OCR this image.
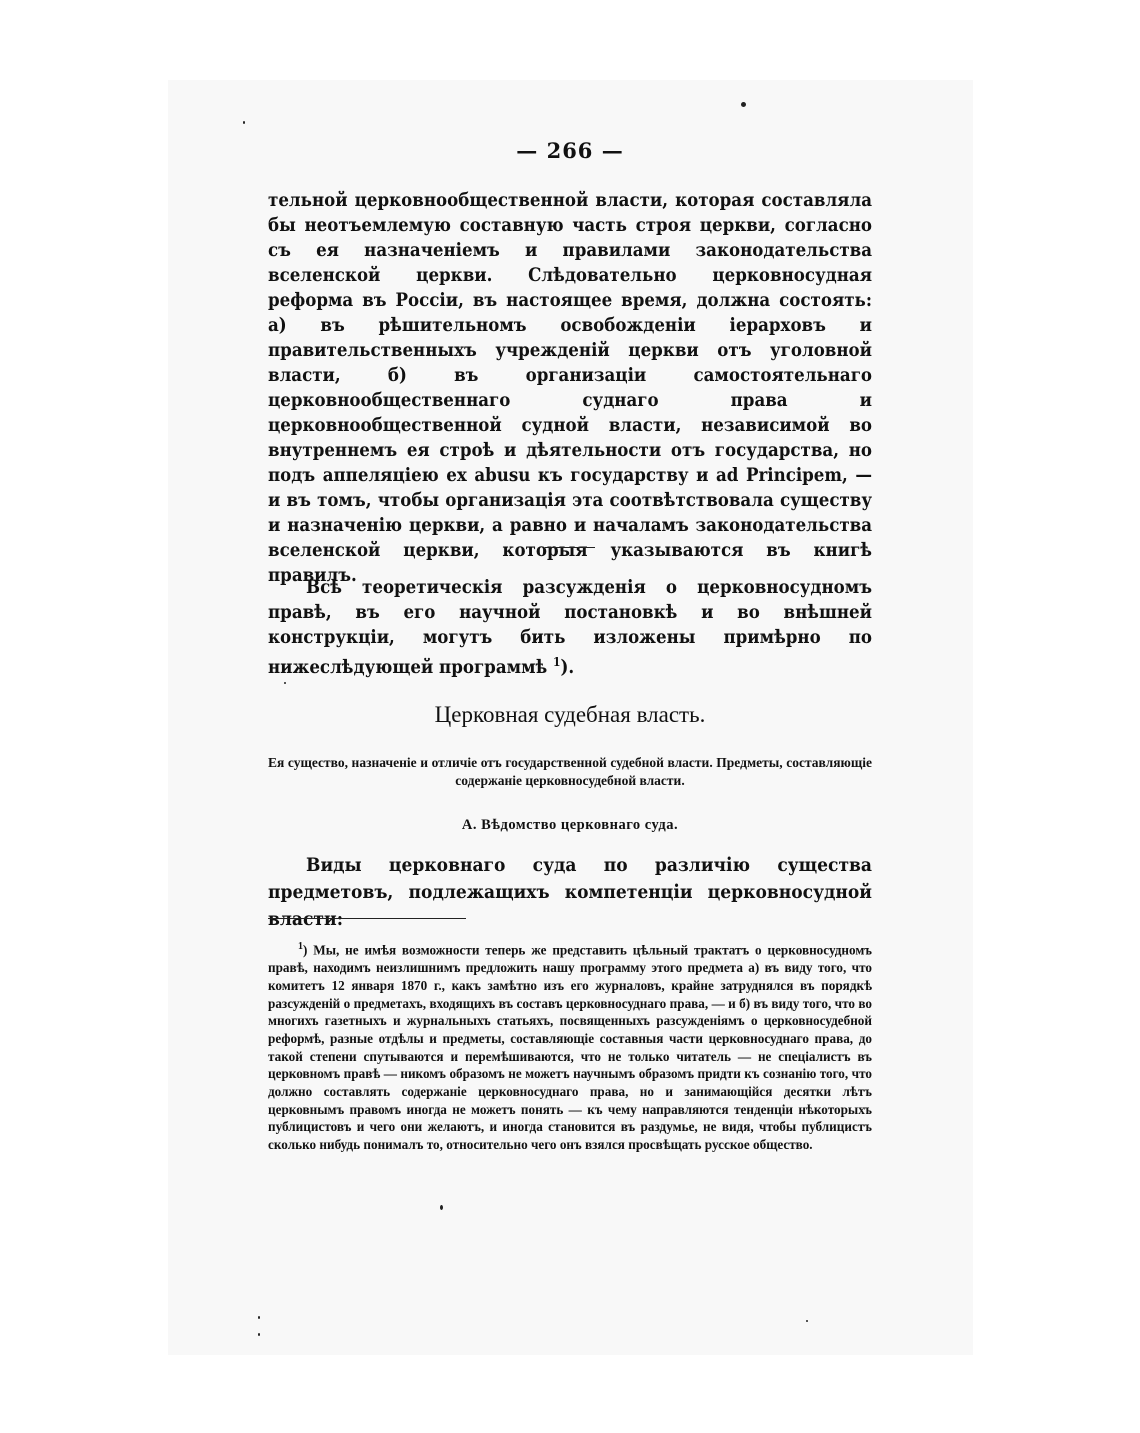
— 266 —
тельной церковнообщественной власти, которая составляла бы неотъемлемую составную часть строя церкви, согласно съ ея назначеніемъ и правилами законодательства вселенской церкви. Слѣдовательно церковносудная реформа въ Россіи, въ настоящее время, должна состоять: а) въ рѣшительномъ освобожденіи іерарховъ и правительственныхъ учрежденій церкви отъ уголовной власти, б) въ организаціи самостоятельнаго церковнообщественнаго суднаго права и церковнообщественной судной власти, независимой во внутреннемъ ея строѣ и дѣятельности отъ государства, но подъ аппеляціею ex abusu къ государству и ad Principem, — и въ томъ, чтобы организація эта соотвѣтствовала существу и назначенію церкви, а равно и началамъ законодательства вселенской церкви, которыя указываются въ книгѣ правилъ.
Всѣ теоретическія разсужденія о церковносудномъ правѣ, въ его научной постановкѣ и во внѣшней конструкціи, могутъ бить изложены примѣрно по нижеслѣдующей программѣ $^1$).
Церковная судебная власть.
Ея существо, назначеніе и отличіе отъ государственной судебной власти. Предметы, составляющіе содержаніе церковносудебной власти.
А. Вѣдомство церковнаго суда.
Виды церковнаго суда по различію существа предметовъ, подлежащихъ компетенціи церковносудной власти:
$^1$) Мы, не имѣя возможности теперь же представить цѣльный трактатъ о церковносудномъ правѣ, находимъ неизлишнимъ предложить нашу программу этого предмета а) въ виду того, что комитетъ 12 января 1870 г., какъ замѣтно изъ его журналовъ, крайне затруднялся въ порядкѣ разсужденій о предметахъ, входящихъ въ составъ церковносуднаго права, — и б) въ виду того, что во многихъ газетныхъ и журнальныхъ статьяхъ, посвященныхъ разсужденіямъ о церковносудебной реформѣ, разные отдѣлы и предметы, составляющіе составныя части церковносуднаго права, до такой степени спутываются и перемѣшиваются, что не только читатель — не спеціалистъ въ церковномъ правѣ — никомъ образомъ не можетъ научнымъ образомъ придти къ сознанію того, что должно составлять содержаніе церковносуднаго права, но и занимающійся десятки лѣтъ церковнымъ правомъ иногда не можетъ понять — къ чему направляются тенденціи нѣкоторыхъ публицистовъ и чего они желаютъ, и иногда становится въ раздумье, не видя, чтобы публицистъ сколько нибудь понималъ то, относительно чего онъ взялся просвѣщать русское общество.
